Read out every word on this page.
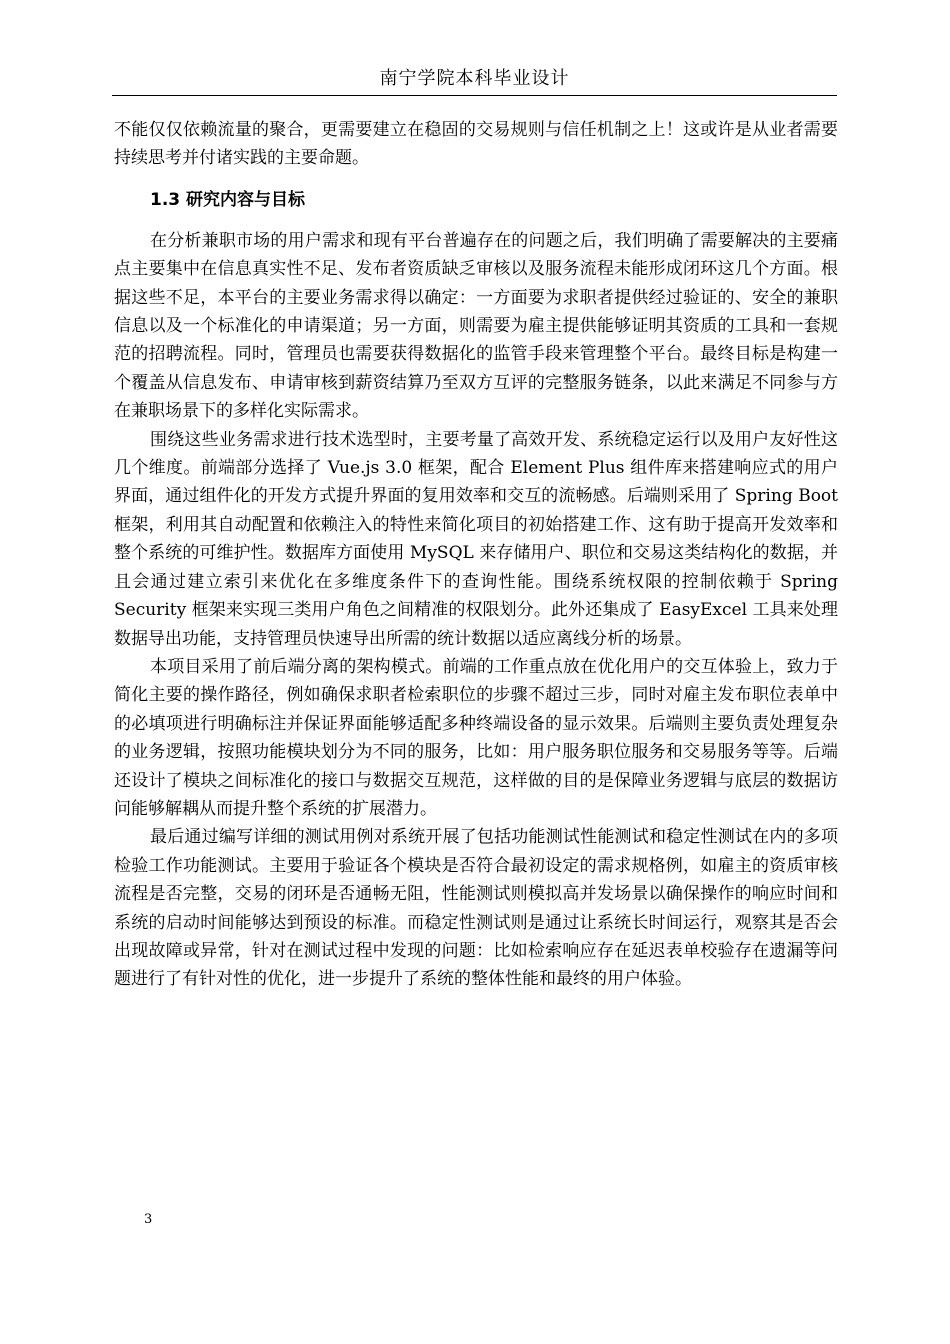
南宁学院本科毕业设计

不能仅仅依赖流量的聚合，更需要建立在稳固的交易规则与信任机制之上！这或许是从业者需要持续思考并付诸实践的主要命题。

1.3 研究内容与目标

在分析兼职市场的用户需求和现有平台普遍存在的问题之后，我们明确了需要解决的主要痛点主要集中在信息真实性不足、发布者资质缺乏审核以及服务流程未能形成闭环这几个方面。根据这些不足，本平台的主要业务需求得以确定：一方面要为求职者提供经过验证的、安全的兼职信息以及一个标准化的申请渠道；另一方面，则需要为雇主提供能够证明其资质的工具和一套规范的招聘流程。同时，管理员也需要获得数据化的监管手段来管理整个平台。最终目标是构建一个覆盖从信息发布、申请审核到薪资结算乃至双方互评的完整服务链条，以此来满足不同参与方在兼职场景下的多样化实际需求。

围绕这些业务需求进行技术选型时，主要考量了高效开发、系统稳定运行以及用户友好性这几个维度。前端部分选择了 Vue.js 3.0 框架，配合 Element Plus 组件库来搭建响应式的用户界面，通过组件化的开发方式提升界面的复用效率和交互的流畅感。后端则采用了 Spring Boot 框架，利用其自动配置和依赖注入的特性来简化项目的初始搭建工作、这有助于提高开发效率和整个系统的可维护性。数据库方面使用 MySQL 来存储用户、职位和交易这类结构化的数据，并且会通过建立索引来优化在多维度条件下的查询性能。围绕系统权限的控制依赖于 Spring Security 框架来实现三类用户角色之间精准的权限划分。此外还集成了 EasyExcel 工具来处理数据导出功能，支持管理员快速导出所需的统计数据以适应离线分析的场景。

本项目采用了前后端分离的架构模式。前端的工作重点放在优化用户的交互体验上，致力于简化主要的操作路径，例如确保求职者检索职位的步骤不超过三步，同时对雇主发布职位表单中的必填项进行明确标注并保证界面能够适配多种终端设备的显示效果。后端则主要负责处理复杂的业务逻辑，按照功能模块划分为不同的服务，比如：用户服务职位服务和交易服务等等。后端还设计了模块之间标准化的接口与数据交互规范，这样做的目的是保障业务逻辑与底层的数据访问能够解耦从而提升整个系统的扩展潜力。

最后通过编写详细的测试用例对系统开展了包括功能测试性能测试和稳定性测试在内的多项检验工作功能测试。主要用于验证各个模块是否符合最初设定的需求规格例，如雇主的资质审核流程是否完整，交易的闭环是否通畅无阻，性能测试则模拟高并发场景以确保操作的响应时间和系统的启动时间能够达到预设的标准。而稳定性测试则是通过让系统长时间运行，观察其是否会出现故障或异常，针对在测试过程中发现的问题：比如检索响应存在延迟表单校验存在遗漏等问题进行了有针对性的优化，进一步提升了系统的整体性能和最终的用户体验。

3
